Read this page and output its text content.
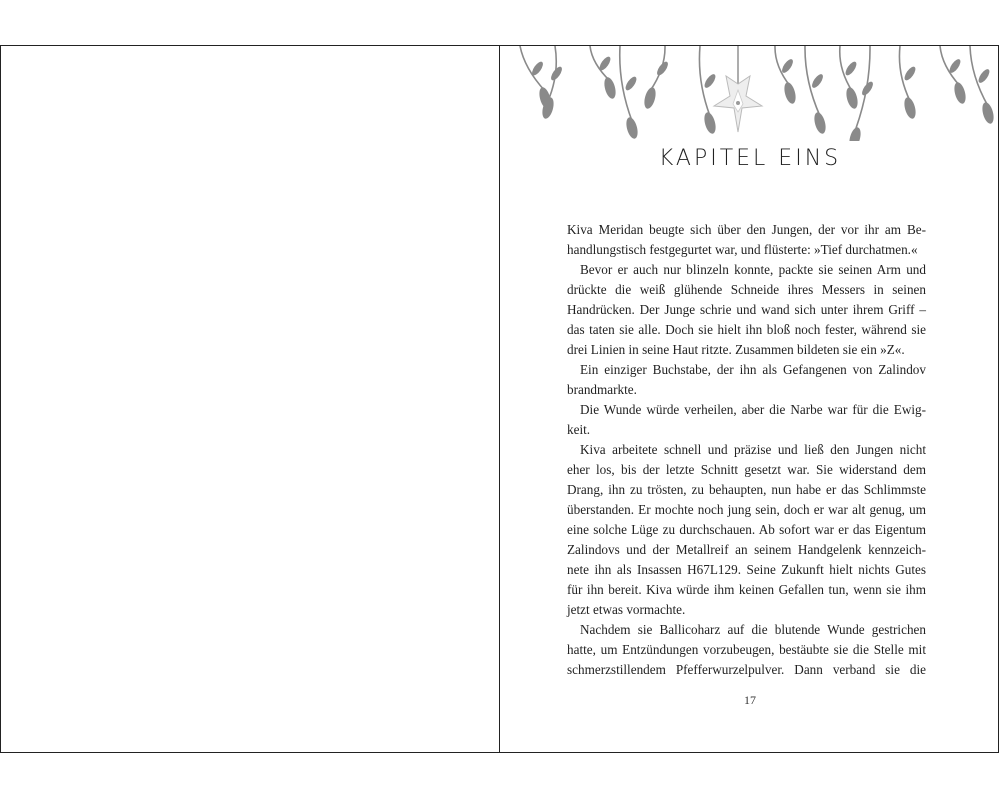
KAPITEL EINS
Kiva Meridan beugte sich über den Jungen, der vor ihr am Be-
handlungstisch festgegurtet war, und flüsterte: »Tief durchatmen.«
Bevor er auch nur blinzeln konnte, packte sie seinen Arm und
drückte die weiß glühende Schneide ihres Messers in seinen
Handrücken. Der Junge schrie und wand sich unter ihrem Griff –
das taten sie alle. Doch sie hielt ihn bloß noch fester, während sie
drei Linien in seine Haut ritzte. Zusammen bildeten sie ein »Z«.
Ein einziger Buchstabe, der ihn als Gefangenen von Zalindov
brandmarkte.
Die Wunde würde verheilen, aber die Narbe war für die Ewig-
keit.
Kiva arbeitete schnell und präzise und ließ den Jungen nicht
eher los, bis der letzte Schnitt gesetzt war. Sie widerstand dem
Drang, ihn zu trösten, zu behaupten, nun habe er das Schlimmste
überstanden. Er mochte noch jung sein, doch er war alt genug, um
eine solche Lüge zu durchschauen. Ab sofort war er das Eigentum
Zalindovs und der Metallreif an seinem Handgelenk kennzeich-
nete ihn als Insassen H67L129. Seine Zukunft hielt nichts Gutes
für ihn bereit. Kiva würde ihm keinen Gefallen tun, wenn sie ihm
jetzt etwas vormachte.
Nachdem sie Ballicoharz auf die blutende Wunde gestrichen
hatte, um Entzündungen vorzubeugen, bestäubte sie die Stelle mit
schmerzstillendem Pfefferwurzelpulver. Dann verband sie die
17
